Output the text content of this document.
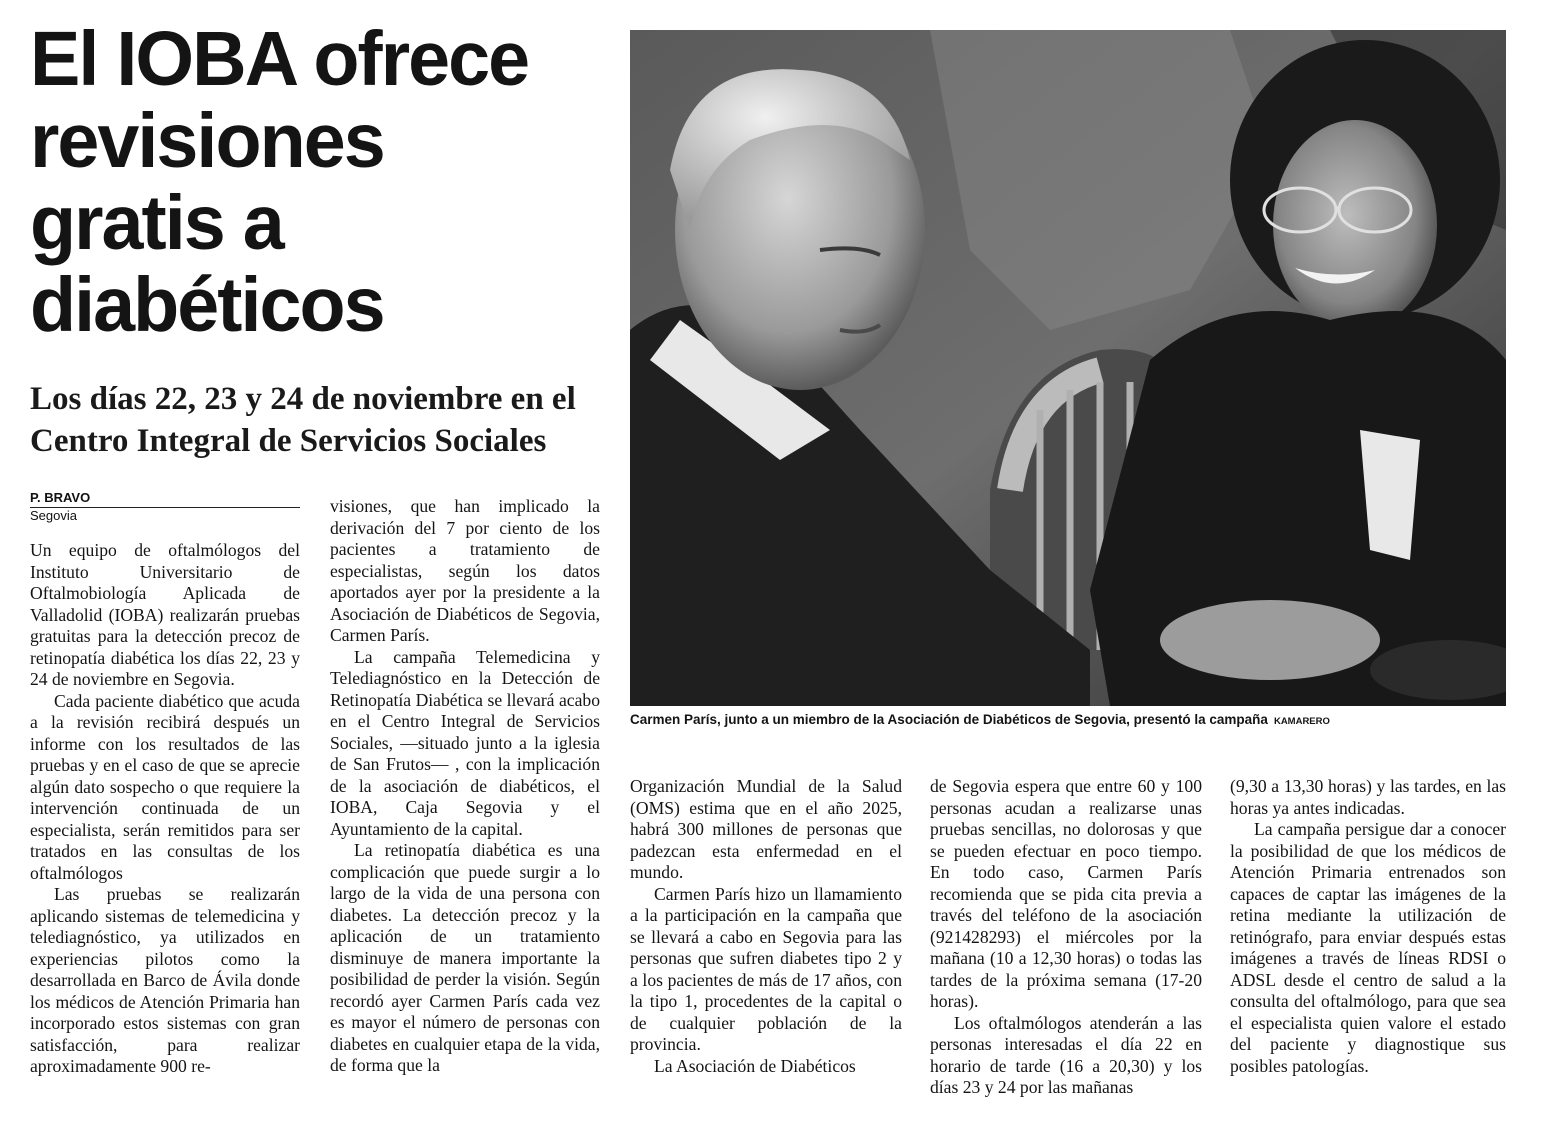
El IOBA ofrece
revisiones
gratis a
diabéticos
Los días 22, 23 y 24 de noviembre en el
Centro Integral de Servicios Sociales
P. BRAVO
Segovia

Un equipo de oftalmólogos del Instituto Universitario de Oftalmobiología Aplicada de Valladolid (IOBA) realizarán pruebas gratuitas para la detección precoz de retinopatía diabética los días 22, 23 y 24 de noviembre en Segovia.

Cada paciente diabético que acuda a la revisión recibirá después un informe con los resultados de las pruebas y en el caso de que se aprecie algún dato sospecho o que requiere la intervención continuada de un especialista, serán remitidos para ser tratados en las consultas de los oftalmólogos

Las pruebas se realizarán aplicando sistemas de telemedicina y telediagnóstico, ya utilizados en experiencias pilotos como la desarrollada en Barco de Ávila donde los médicos de Atención Primaria han incorporado estos sistemas con gran satisfacción, para realizar aproximadamente 900 re-

visiones, que han implicado la derivación del 7 por ciento de los pacientes a tratamiento de especialistas, según los datos aportados ayer por la presidente a la Asociación de Diabéticos de Segovia, Carmen París.

La campaña Telemedicina y Telediagnóstico en la Detección de Retinopatía Diabética se llevará acabo en el Centro Integral de Servicios Sociales, —situado junto a la iglesia de San Frutos— , con la implicación de la asociación de diabéticos, el IOBA, Caja Segovia y el Ayuntamiento de la capital.

La retinopatía diabética es una complicación que puede surgir a lo largo de la vida de una persona con diabetes. La detección precoz y la aplicación de un tratamiento disminuye de manera importante la posibilidad de perder la visión. Según recordó ayer Carmen París cada vez es mayor el número de personas con diabetes en cualquier etapa de la vida, de forma que la

Carmen París, junto a un miembro de la Asociación de Diabéticos de Segovia, presentó la campaña KAMARERO

Organización Mundial de la Salud (OMS) estima que en el año 2025, habrá 300 millones de personas que padezcan esta enfermedad en el mundo.

Carmen París hizo un llamamiento a la participación en la campaña que se llevará a cabo en Segovia para las personas que sufren diabetes tipo 2 y a los pacientes de más de 17 años, con la tipo 1, procedentes de la capital o de cualquier población de la provincia.

La Asociación de Diabéticos

de Segovia espera que entre 60 y 100 personas acudan a realizarse unas pruebas sencillas, no dolorosas y que se pueden efectuar en poco tiempo. En todo caso, Carmen París recomienda que se pida cita previa a través del teléfono de la asociación (921428293) el miércoles por la mañana (10 a 12,30 horas) o todas las tardes de la próxima semana (17-20 horas).

Los oftalmólogos atenderán a las personas interesadas el día 22 en horario de tarde (16 a 20,30) y los días 23 y 24 por las mañanas

(9,30 a 13,30 horas) y las tardes, en las horas ya antes indicadas.

La campaña persigue dar a conocer la posibilidad de que los médicos de Atención Primaria entrenados son capaces de captar las imágenes de la retina mediante la utilización de retinógrafo, para enviar después estas imágenes a través de líneas RDSI o ADSL desde el centro de salud a la consulta del oftalmólogo, para que sea el especialista quien valore el estado del paciente y diagnostique sus posibles patologías.
